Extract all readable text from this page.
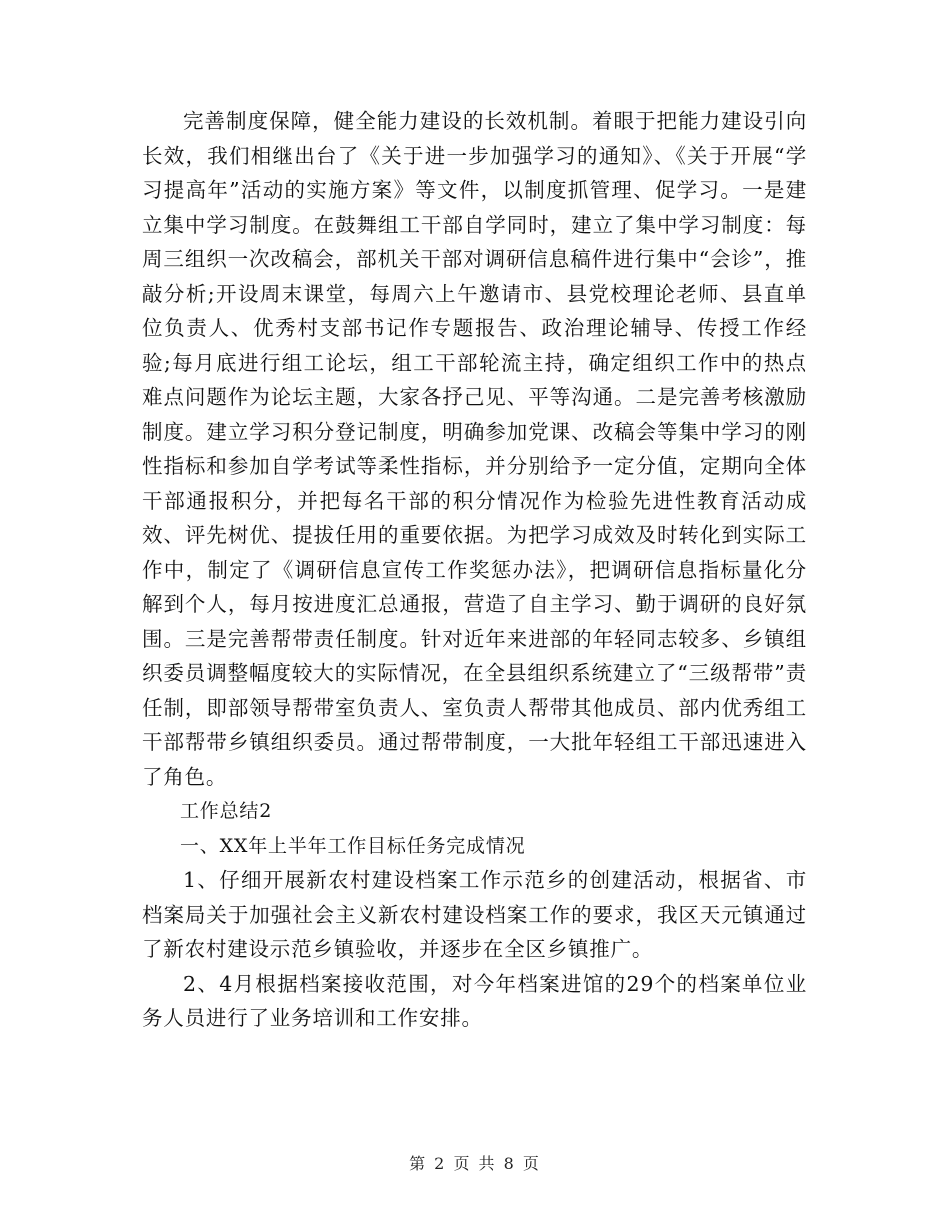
完善制度保障，健全能力建设的长效机制。着眼于把能力建设引向长效，我们相继出台了《关于进一步加强学习的通知》、《关于开展“学习提高年”活动的实施方案》等文件，以制度抓管理、促学习。一是建立集中学习制度。在鼓舞组工干部自学同时，建立了集中学习制度：每周三组织一次改稿会，部机关干部对调研信息稿件进行集中“会诊”，推敲分析;开设周末课堂，每周六上午邀请市、县党校理论老师、县直单位负责人、优秀村支部书记作专题报告、政治理论辅导、传授工作经验;每月底进行组工论坛，组工干部轮流主持，确定组织工作中的热点难点问题作为论坛主题，大家各抒己见、平等沟通。二是完善考核激励制度。建立学习积分登记制度，明确参加党课、改稿会等集中学习的刚性指标和参加自学考试等柔性指标，并分别给予一定分值，定期向全体干部通报积分，并把每名干部的积分情况作为检验先进性教育活动成效、评先树优、提拔任用的重要依据。为把学习成效及时转化到实际工作中，制定了《调研信息宣传工作奖惩办法》，把调研信息指标量化分解到个人，每月按进度汇总通报，营造了自主学习、勤于调研的良好氛围。三是完善帮带责任制度。针对近年来进部的年轻同志较多、乡镇组织委员调整幅度较大的实际情况，在全县组织系统建立了“三级帮带”责任制，即部领导帮带室负责人、室负责人帮带其他成员、部内优秀组工干部帮带乡镇组织委员。通过帮带制度，一大批年轻组工干部迅速进入了角色。

工作总结2

一、XX年上半年工作目标任务完成情况

1、仔细开展新农村建设档案工作示范乡的创建活动，根据省、市档案局关于加强社会主义新农村建设档案工作的要求，我区天元镇通过了新农村建设示范乡镇验收，并逐步在全区乡镇推广。

2、4月根据档案接收范围，对今年档案进馆的29个的档案单位业务人员进行了业务培训和工作安排。

第 2 页 共 8 页
